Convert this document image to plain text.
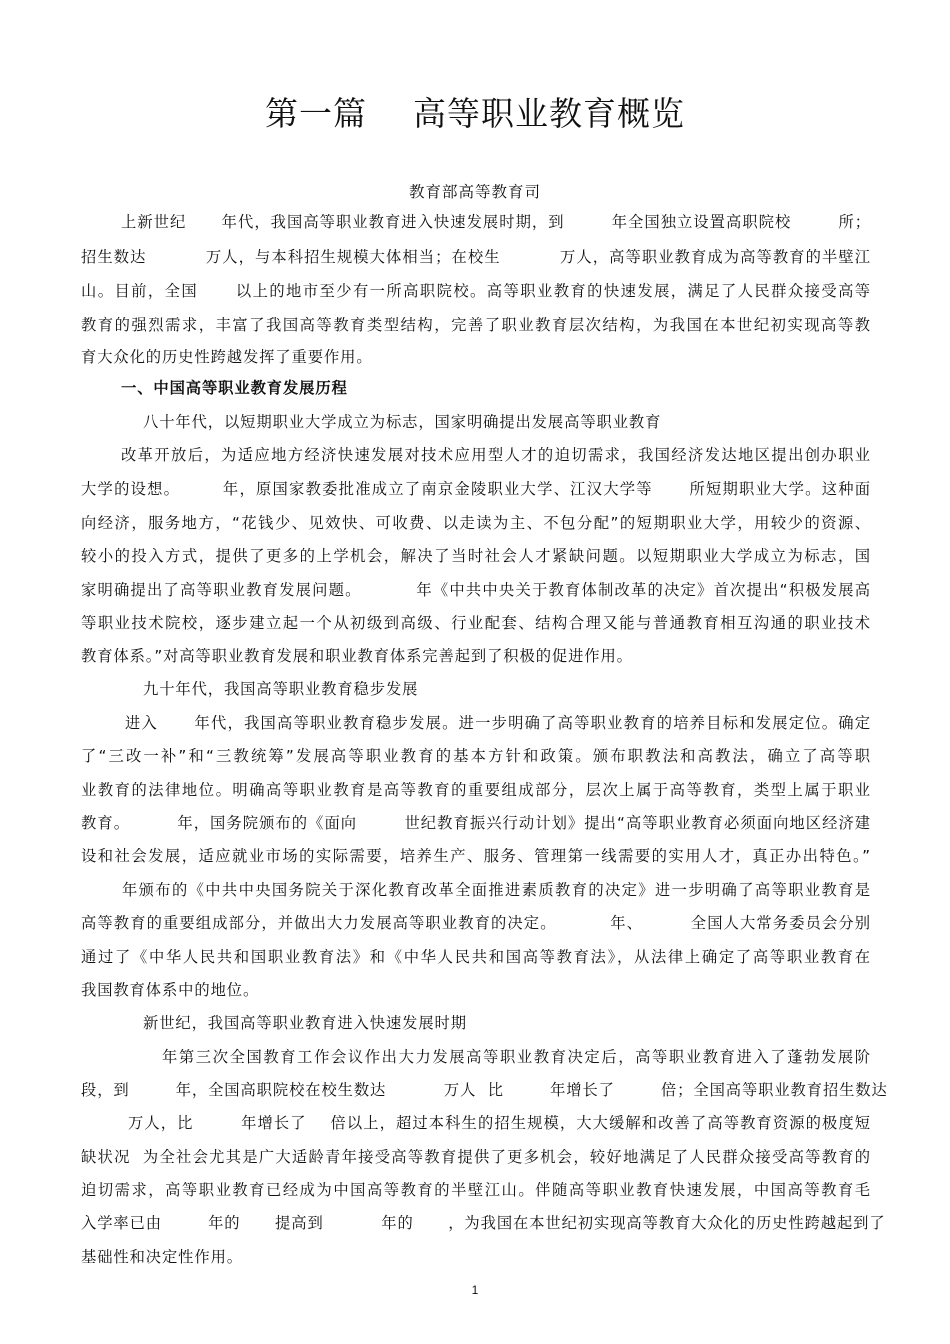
第一篇    高等职业教育概览
教育部高等教育司
上新世纪      年代，我国高等职业教育进入快速发展时期，到        年全国独立设置高职院校        所；
招生数达          万人，与本科招生规模大体相当；在校生          万人，高等职业教育成为高等教育的半壁江
山。目前，全国      以上的地市至少有一所高职院校。高等职业教育的快速发展，满足了人民群众接受高等
教育的强烈需求，丰富了我国高等教育类型结构，完善了职业教育层次结构，为我国在本世纪初实现高等教
育大众化的历史性跨越发挥了重要作用。
一、中国高等职业教育发展历程
八十年代，以短期职业大学成立为标志，国家明确提出发展高等职业教育
改革开放后，为适应地方经济快速发展对技术应用型人才的迫切需求，我国经济发达地区提出创办职业
大学的设想。       年，原国家教委批准成立了南京金陵职业大学、江汉大学等      所短期职业大学。这种面
向经济，服务地方，“花钱少、见效快、可收费、以走读为主、不包分配”的短期职业大学，用较少的资源、
较小的投入方式，提供了更多的上学机会，解决了当时社会人才紧缺问题。以短期职业大学成立为标志，国
家明确提出了高等职业教育发展问题。         年《中共中央关于教育体制改革的决定》首次提出“积极发展高
等职业技术院校，逐步建立起一个从初级到高级、行业配套、结构合理又能与普通教育相互沟通的职业技术
教育体系。”对高等职业教育发展和职业教育体系完善起到了积极的促进作用。
九十年代，我国高等职业教育稳步发展
进入      年代，我国高等职业教育稳步发展。进一步明确了高等职业教育的培养目标和发展定位。确定
了“三改一补”和“三教统筹”发展高等职业教育的基本方针和政策。颁布职教法和高教法，确立了高等职
业教育的法律地位。明确高等职业教育是高等教育的重要组成部分，层次上属于高等教育，类型上属于职业
教育。        年，国务院颁布的《面向        世纪教育振兴行动计划》提出“高等职业教育必须面向地区经济建
设和社会发展，适应就业市场的实际需要，培养生产、服务、管理第一线需要的实用人才，真正办出特色。”
年颁布的《中共中央国务院关于深化教育改革全面推进素质教育的决定》进一步明确了高等职业教育是
高等教育的重要组成部分，并做出大力发展高等职业教育的决定。         年、        全国人大常务委员会分别
通过了《中华人民共和国职业教育法》和《中华人民共和国高等教育法》，从法律上确定了高等职业教育在
我国教育体系中的地位。
新世纪，我国高等职业教育进入快速发展时期
年第三次全国教育工作会议作出大力发展高等职业教育决定后，高等职业教育进入了蓬勃发展阶
段，到        年，全国高职院校在校生数达          万人  比        年增长了        倍；全国高等职业教育招生数达
万人，比        年增长了    倍以上，超过本科生的招生规模，大大缓解和改善了高等教育资源的极度短
缺状况  为全社会尤其是广大适龄青年接受高等教育提供了更多机会，较好地满足了人民群众接受高等教育的
迫切需求，高等职业教育已经成为中国高等教育的半壁江山。伴随高等职业教育快速发展，中国高等教育毛
入学率已由        年的      提高到          年的      ，为我国在本世纪初实现高等教育大众化的历史性跨越起到了
基础性和决定性作用。
1
